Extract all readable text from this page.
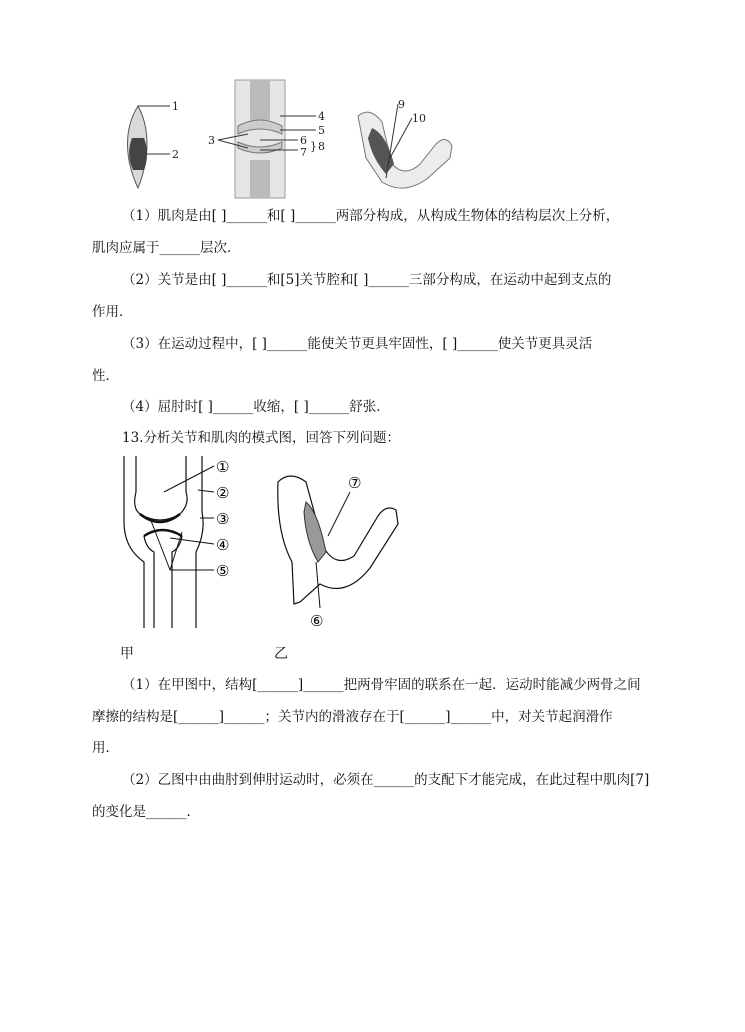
1
2
4
5
6
7 } 8
3
9
10
（1）肌肉是由[ ]______和[ ]______两部分构成，从构成生物体的结构层次上分析，
肌肉应属于______层次．
（2）关节是由[ ]______和[5]关节腔和[ ]______三部分构成，在运动中起到支点的
作用．
（3）在运动过程中，[ ]______能使关节更具牢固性，[ ]______使关节更具灵活
性．
（4）屈肘时[ ]______收缩，[ ]______舒张．
13.分析关节和肌肉的模式图，回答下列问题：
①
②
③
④
⑤
⑦
⑥
甲	乙
（1）在甲图中，结构[______]______把两骨牢固的联系在一起．运动时能减少两骨之间
摩擦的结构是[______]______；关节内的滑液存在于[______]______中，对关节起润滑作
用．
（2）乙图中由曲肘到伸肘运动时，必须在______的支配下才能完成，在此过程中肌肉[7]
的变化是______．
